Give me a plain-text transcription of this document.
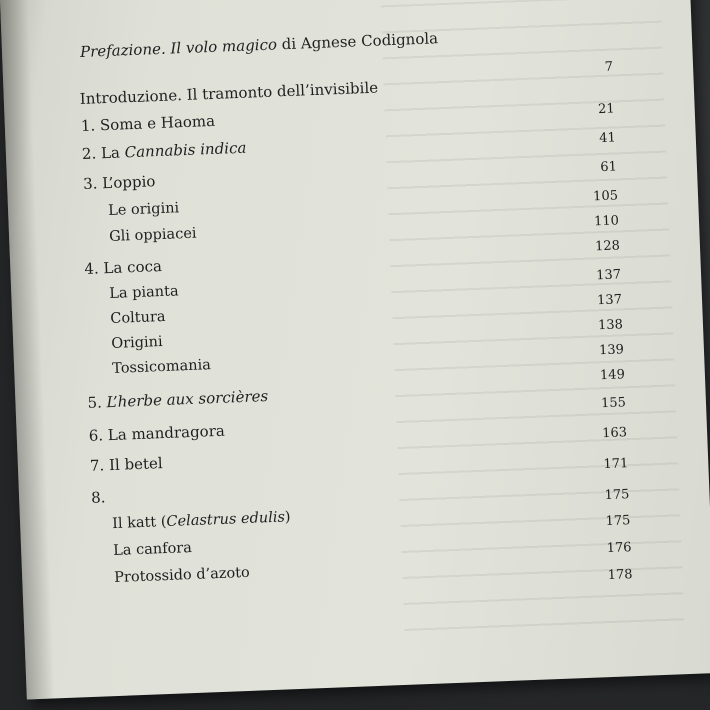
Prefazione. Il volo magico di Agnese Codignola
Introduzione. Il tramonto dell’invisibile
1. Soma e Haoma
2. La Cannabis indica
3. L’oppio
Le origini
Gli oppiacei
4. La coca
La pianta
Coltura
Origini
Tossicomania
5. L’herbe aux sorcières
6. La mandragora
7. Il betel
8.
Il katt (Celastrus edulis)
La canfora
Protossido d’azoto
7
21
41
61
105
110
128
137
137
138
139
149
155
163
171
175
175
176
178
